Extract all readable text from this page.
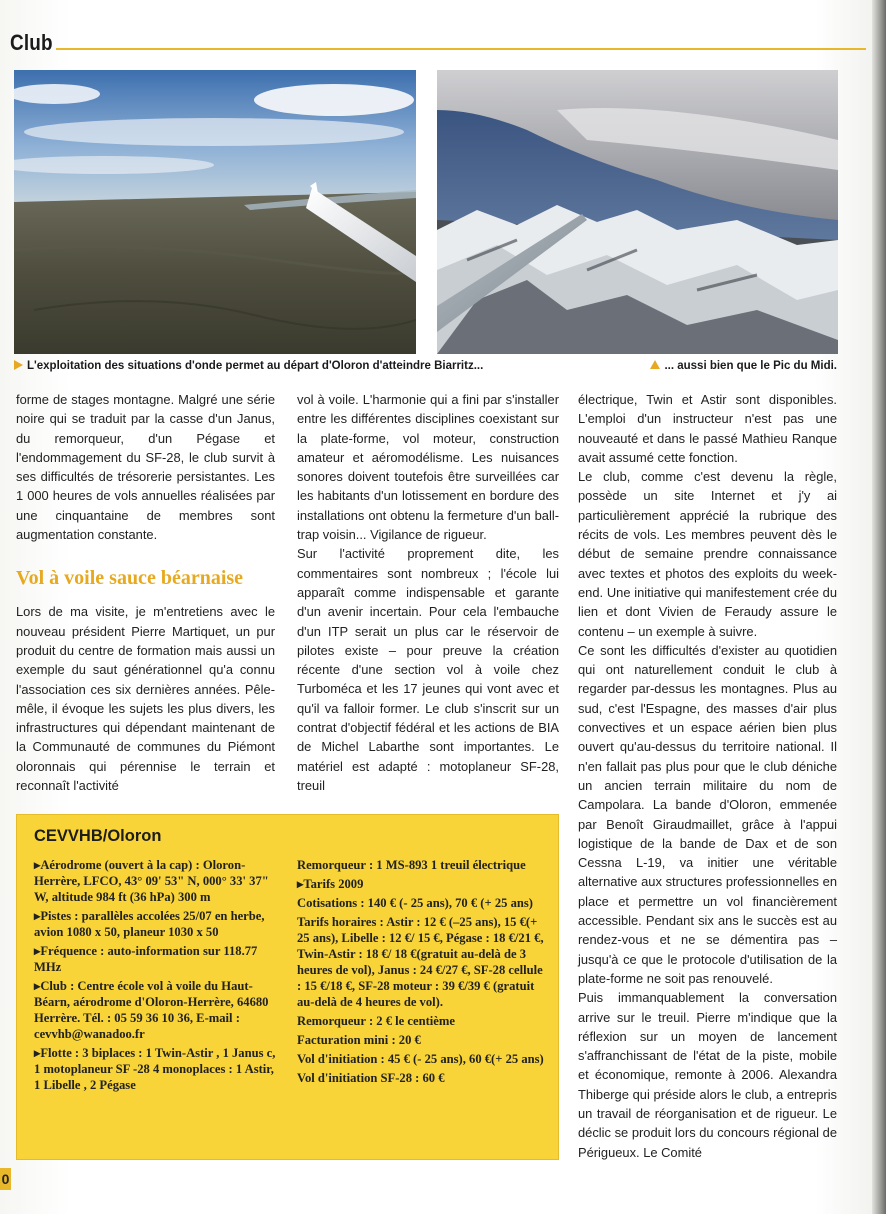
Club
L'exploitation des situations d'onde permet au départ d'Oloron d'atteindre Biarritz...	... aussi bien que le Pic du Midi.

forme de stages montagne. Malgré une série noire qui se traduit par la casse d'un Janus, du remorqueur, d'un Pégase et l'endommagement du SF-28, le club survit à ses difficultés de trésorerie persistantes. Les 1 000 heures de vols annuelles réalisées par une cinquantaine de membres sont augmentation constante.

Vol à voile sauce béarnaise

Lors de ma visite, je m'entretiens avec le nouveau président Pierre Martiquet, un pur produit du centre de formation mais aussi un exemple du saut générationnel qu'a connu l'association ces six dernières années. Pêle-mêle, il évoque les sujets les plus divers, les infrastructures qui dépendant maintenant de la Communauté de communes du Piémont oloronnais qui pérennise le terrain et reconnaît l'activité

vol à voile. L'harmonie qui a fini par s'installer entre les différentes disciplines coexistant sur la plate-forme, vol moteur, construction amateur et aéromodélisme. Les nuisances sonores doivent toutefois être surveillées car les habitants d'un lotissement en bordure des installations ont obtenu la fermeture d'un ball-trap voisin... Vigilance de rigueur.

Sur l'activité proprement dite, les commentaires sont nombreux ; l'école lui apparaît comme indispensable et garante d'un avenir incertain. Pour cela l'embauche d'un ITP serait un plus car le réservoir de pilotes existe – pour preuve la création récente d'une section vol à voile chez Turboméca et les 17 jeunes qui vont avec et qu'il va falloir former. Le club s'inscrit sur un contrat d'objectif fédéral et les actions de BIA de Michel Labarthe sont importantes. Le matériel est adapté : motoplaneur SF-28, treuil

électrique, Twin et Astir sont disponibles. L'emploi d'un instructeur n'est pas une nouveauté et dans le passé Mathieu Ranque avait assumé cette fonction.

Le club, comme c'est devenu la règle, possède un site Internet et j'y ai particulièrement apprécié la rubrique des récits de vols. Les membres peuvent dès le début de semaine prendre connaissance avec textes et photos des exploits du week-end. Une initiative qui manifestement crée du lien et dont Vivien de Feraudy assure le contenu – un exemple à suivre.

Ce sont les difficultés d'exister au quotidien qui ont naturellement conduit le club à regarder par-dessus les montagnes. Plus au sud, c'est l'Espagne, des masses d'air plus convectives et un espace aérien bien plus ouvert qu'au-dessus du territoire national. Il n'en fallait pas plus pour que le club déniche un ancien terrain militaire du nom de Campolara. La bande d'Oloron, emmenée par Benoît Giraudmaillet, grâce à l'appui logistique de la bande de Dax et de son Cessna L-19, va initier une véritable alternative aux structures professionnelles en place et permettre un vol financièrement accessible. Pendant six ans le succès est au rendez-vous et ne se démentira pas – jusqu'à ce que le protocole d'utilisation de la plate-forme ne soit pas renouvelé.

Puis immanquablement la conversation arrive sur le treuil. Pierre m'indique que la réflexion sur un moyen de lancement s'affranchissant de l'état de la piste, mobile et économique, remonte à 2006. Alexandra Thiberge qui préside alors le club, a entrepris un travail de réorganisation et de rigueur. Le déclic se produit lors du concours régional de Périgueux. Le Comité

CEVVHB/Oloron

▸Aérodrome (ouvert à la cap) : Oloron-Herrère, LFCO, 43° 09' 53" N, 000° 33' 37" W, altitude 984 ft (36 hPa) 300 m

▸Pistes : parallèles accolées 25/07 en herbe, avion 1080 x 50, planeur 1030 x 50

▸Fréquence : auto-information sur 118.77 MHz

▸Club : Centre école vol à voile du Haut-Béarn, aérodrome d'Oloron-Herrère, 64680 Herrère. Tél. : 05 59 36 10 36, E-mail : cevvhb@wanadoo.fr

▸Flotte : 3 biplaces : 1 Twin-Astir , 1 Janus c, 1 motoplaneur SF -28 4 monoplaces : 1 Astir, 1 Libelle , 2 Pégase

Remorqueur : 1 MS-893 1 treuil électrique

▸Tarifs 2009

Cotisations : 140 € (- 25 ans), 70 € (+ 25 ans)

Tarifs horaires : Astir : 12 € (–25 ans), 15 €(+ 25 ans), Libelle : 12 €/ 15 €, Pégase : 18 €/21 €, Twin-Astir : 18 €/ 18 €(gratuit au-delà de 3 heures de vol), Janus : 24 €/27 €, SF-28 cellule : 15 €/18 €, SF-28 moteur : 39 €/39 € (gratuit au-delà de 4 heures de vol).

Remorqueur : 2 € le centième

Facturation mini : 20 €

Vol d'initiation : 45 € (- 25 ans), 60 €(+ 25 ans)

Vol d'initiation SF-28 : 60 €

0
